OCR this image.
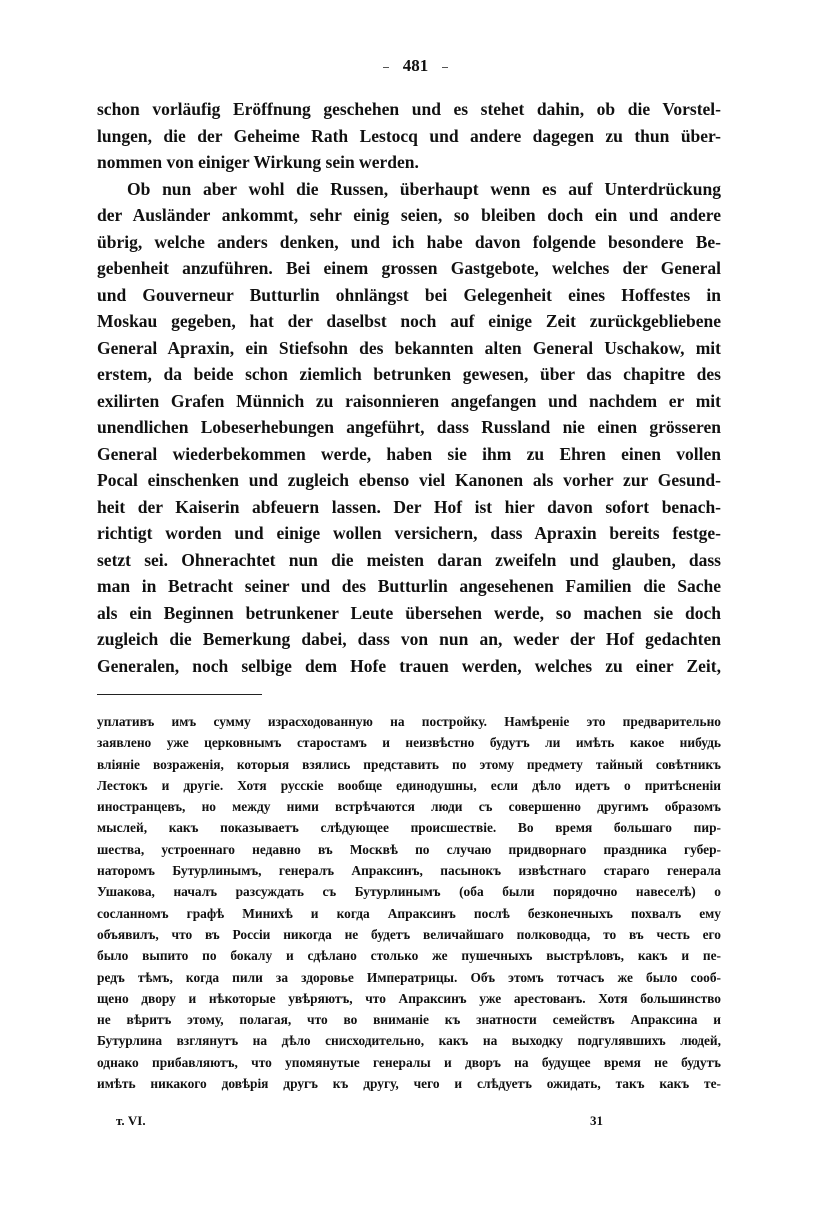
481
schon vorläufig Eröffnung geschehen und es stehet dahin, ob die Vorstel-
lungen, die der Geheime Rath Lestocq und andere dagegen zu thun über-
nommen von einiger Wirkung sein werden.
Ob nun aber wohl die Russen, überhaupt wenn es auf Unterdrückung
der Ausländer ankommt, sehr einig seien, so bleiben doch ein und andere
übrig, welche anders denken, und ich habe davon folgende besondere Be-
gebenheit anzuführen. Bei einem grossen Gastgebote, welches der General
und Gouverneur Butturlin ohnlängst bei Gelegenheit eines Hoffestes in
Moskau gegeben, hat der daselbst noch auf einige Zeit zurückgebliebene
General Apraxin, ein Stiefsohn des bekannten alten General Uschakow, mit
erstem, da beide schon ziemlich betrunken gewesen, über das chapitre des
exilirten Grafen Münnich zu raisonnieren angefangen und nachdem er mit
unendlichen Lobeserhebungen angeführt, dass Russland nie einen grösseren
General wiederbekommen werde, haben sie ihm zu Ehren einen vollen
Pocal einschenken und zugleich ebenso viel Kanonen als vorher zur Gesund-
heit der Kaiserin abfeuern lassen. Der Hof ist hier davon sofort benach-
richtigt worden und einige wollen versichern, dass Apraxin bereits festge-
setzt sei. Ohnerachtet nun die meisten daran zweifeln und glauben, dass
man in Betracht seiner und des Butturlin angesehenen Familien die Sache
als ein Beginnen betrunkener Leute übersehen werde, so machen sie doch
zugleich die Bemerkung dabei, dass von nun an, weder der Hof gedachten
Generalen, noch selbige dem Hofe trauen werden, welches zu einer Zeit,
уплативъ имъ сумму израсходованную на постройку. Намѣреніе это предварительно
заявлено уже церковнымъ старостамъ и неизвѣстно будутъ ли имѣть какое нибудь
вліяніе возраженія, которыя взялись представить по этому предмету тайный совѣтникъ
Лестокъ и другіе. Хотя русскіе вообще единодушны, если дѣло идетъ о притѣсненіи
иностранцевъ, но между ними встрѣчаются люди съ совершенно другимъ образомъ
мыслей, какъ показываетъ слѣдующее происшествіе. Во время большаго пир-
шества, устроеннаго недавно въ Москвѣ по случаю придворнаго праздника губер-
наторомъ Бутурлинымъ, генералъ Апраксинъ, пасынокъ извѣстнаго стараго генерала
Ушакова, началъ разсуждать съ Бутурлинымъ (оба были порядочно навеселѣ) о
сосланномъ графѣ Минихѣ и когда Апраксинъ послѣ безконечныхъ похвалъ ему
объявилъ, что въ Россіи никогда не будетъ величайшаго полководца, то въ честь его
было выпито по бокалу и сдѣлано столько же пушечныхъ выстрѣловъ, какъ и пе-
редъ тѣмъ, когда пили за здоровье Императрицы. Объ этомъ тотчасъ же было сооб-
щено двору и нѣкоторые увѣряютъ, что Апраксинъ уже арестованъ. Хотя большинство
не вѣритъ этому, полагая, что во вниманіе къ знатности семействъ Апраксина и
Бутурлина взглянутъ на дѣло снисходительно, какъ на выходку подгулявшихъ людей,
однако прибавляютъ, что упомянутые генералы и дворъ на будущее время не будутъ
имѣть никакого довѣрія другъ къ другу, чего и слѣдуетъ ожидать, такъ какъ те-
т. VI.	31
